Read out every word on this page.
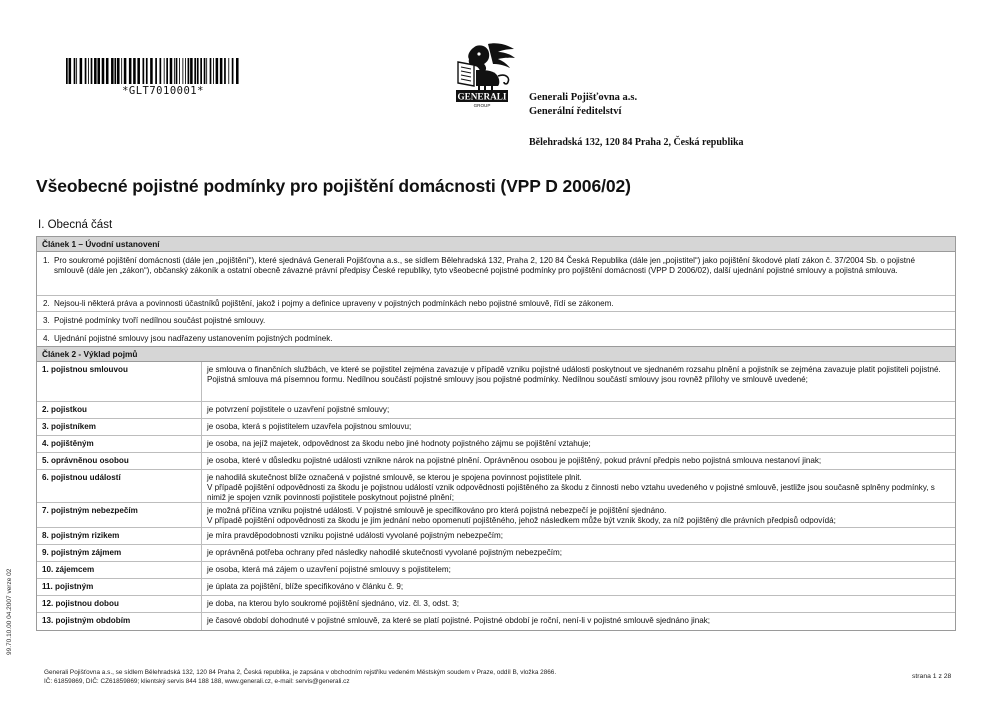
*GLT7010001*	GENERALI
GROUP
Generali Pojišťovna a.s.
Generální ředitelství
Bělehradská 132, 120 84 Praha 2, Česká republika
Všeobecné pojistné podmínky pro pojištění domácnosti (VPP D 2006/02)
I. Obecná část
Článek 1 – Úvodní ustanovení
1. Pro soukromé pojištění domácnosti (dále jen „pojištění“), které sjednává Generali Pojišťovna a.s., se sídlem Bělehradská 132, Praha 2, 120 84 Česká Republika (dále jen „pojistitel“) jako pojištění škodové platí zákon č. 37/2004 Sb. o pojistné smlouvě (dále jen „zákon“), občanský zákoník a ostatní obecně závazné právní předpisy České republiky, tyto všeobecné pojistné podmínky pro pojištění domácnosti (VPP D 2006/02), další ujednání pojistné smlouvy a pojistná smlouva.
2. Nejsou-li některá práva a povinnosti účastníků pojištění, jakož i pojmy a definice upraveny v pojistných podmínkách nebo pojistné smlouvě, řídí se zákonem.
3. Pojistné podmínky tvoří nedílnou součást pojistné smlouvy.
4. Ujednání pojistné smlouvy jsou nadřazeny ustanovením pojistných podmínek.
Článek 2 - Výklad pojmů
1. pojistnou smlouvou	je smlouva o finančních službách, ve které se pojistitel zejména zavazuje v případě vzniku pojistné události poskytnout ve sjednaném rozsahu plnění a pojistník se zejména zavazuje platit pojistiteli pojistné.
Pojistná smlouva má písemnou formu. Nedílnou součástí pojistné smlouvy jsou pojistné podmínky. Nedílnou součástí smlouvy jsou rovněž přílohy ve smlouvě uvedené;
2. pojistkou	je potvrzení pojistitele o uzavření pojistné smlouvy;
3. pojistníkem	je osoba, která s pojistitelem uzavřela pojistnou smlouvu;
4. pojištěným	je osoba, na jejíž majetek, odpovědnost za škodu nebo jiné hodnoty pojistného zájmu se pojištění vztahuje;
5. oprávněnou osobou	je osoba, které v důsledku pojistné události vznikne nárok na pojistné plnění. Oprávněnou osobou je pojištěný, pokud právní předpis nebo pojistná smlouva nestanoví jinak;
6. pojistnou událostí	je nahodilá skutečnost blíže označená v pojistné smlouvě, se kterou je spojena povinnost pojistitele plnit.
V případě pojištění odpovědnosti za škodu je pojistnou událostí vznik odpovědnosti pojištěného za škodu z činnosti nebo vztahu uvedeného v pojistné smlouvě, jestliže jsou současně splněny podmínky, s nimiž je spojen vznik povinnosti pojistitele poskytnout pojistné plnění;
7. pojistným nebezpečím	je možná příčina vzniku pojistné události. V pojistné smlouvě je specifikováno pro která pojistná nebezpečí je pojištění sjednáno.
V případě pojištění odpovědnosti za škodu je jím jednání nebo opomenutí pojištěného, jehož následkem může být vznik škody, za níž pojištěný dle právních předpisů odpovídá;
8. pojistným rizikem	je míra pravděpodobnosti vzniku pojistné události vyvolané pojistným nebezpečím;
9. pojistným zájmem	je oprávněná potřeba ochrany před následky nahodilé skutečnosti vyvolané pojistným nebezpečím;
10. zájemcem	je osoba, která má zájem o uzavření pojistné smlouvy s pojistitelem;
11. pojistným	je úplata za pojištění, blíže specifikováno v článku č. 9;
12. pojistnou dobou	je doba, na kterou bylo soukromé pojištění sjednáno, viz. čl. 3, odst. 3;
13. pojistným obdobím	je časové období dohodnuté v pojistné smlouvě, za které se platí pojistné. Pojistné období je roční, není-li v pojistné smlouvě sjednáno jinak;
99.70.10.00 04.2007 verze 02
Generali Pojišťovna a.s., se sídlem Bělehradská 132, 120 84 Praha 2, Česká republika, je zapsána v obchodním rejstříku vedeném Městským soudem v Praze, oddíl B, vložka 2866.
IČ: 61859869, DIČ: CZ61859869; klientský servis 844 188 188, www.generali.cz, e-mail: servis@generali.cz
strana 1 z 28
